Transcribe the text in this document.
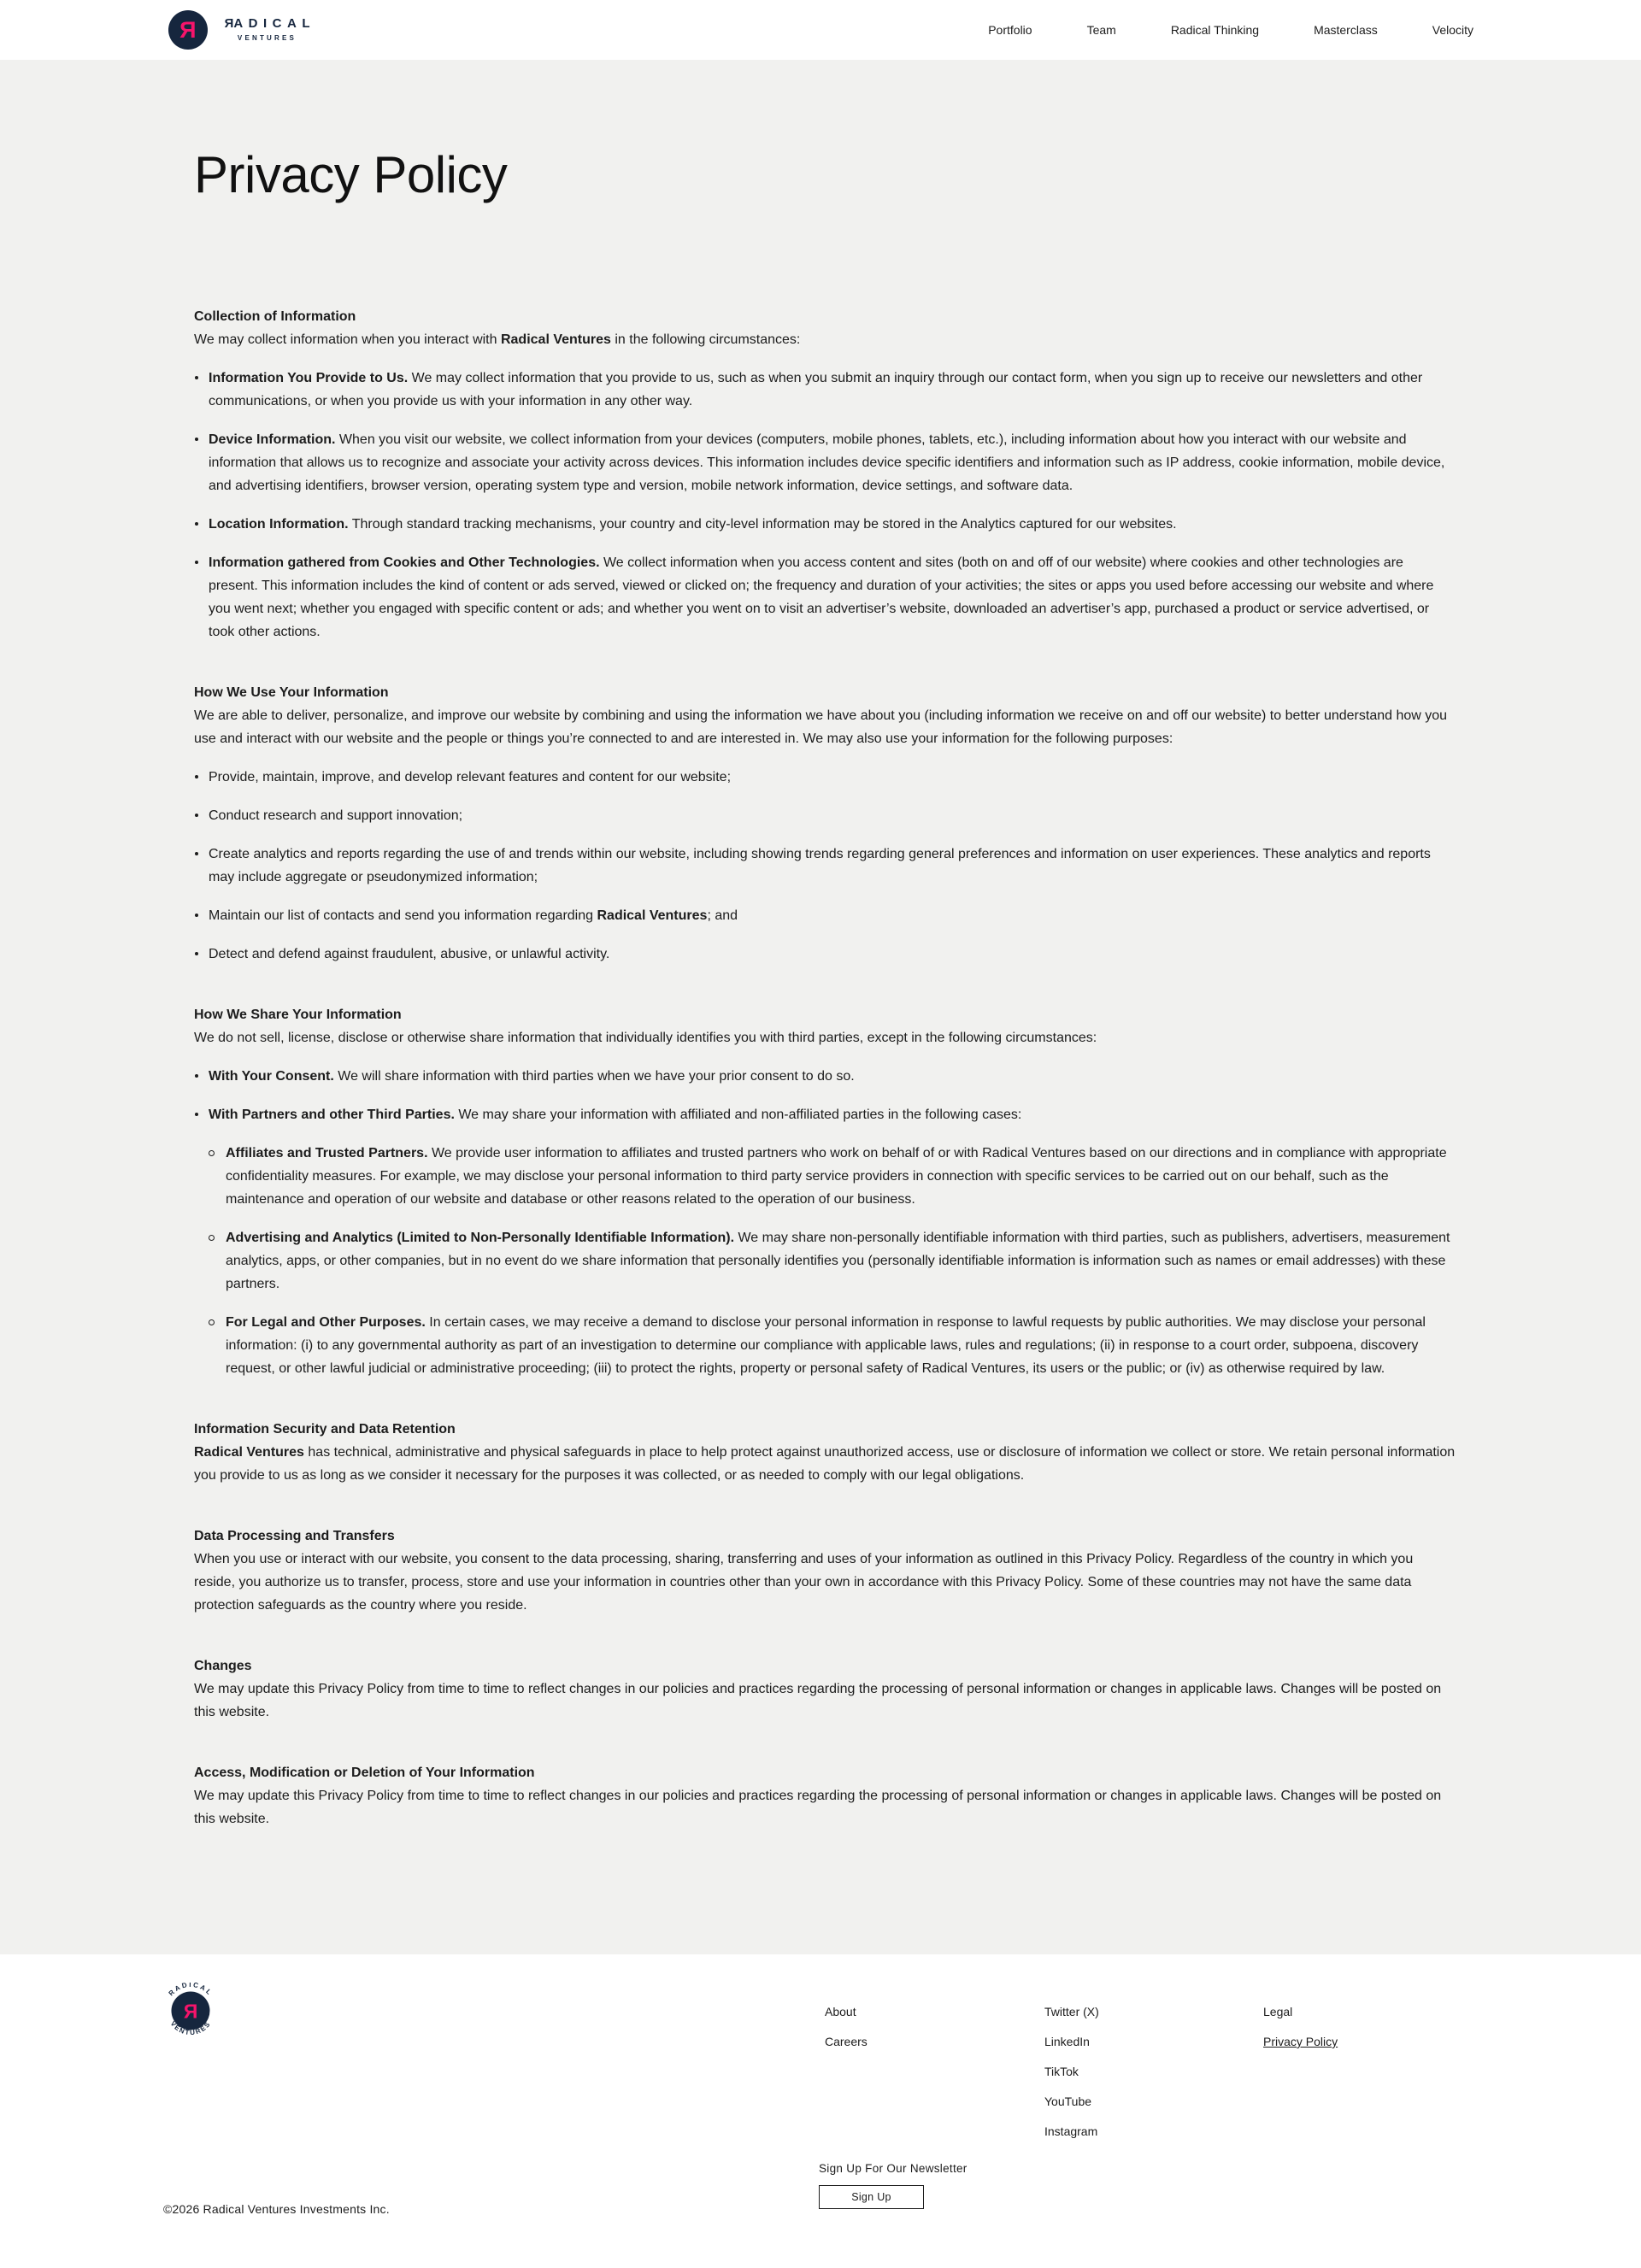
R RADICAL
VENTURES
Portfolio	Team	Radical Thinking	Masterclass	Velocity
Privacy Policy
Collection of Information

We may collect information when you interact with Radical Ventures in the following circumstances:

Information You Provide to Us. We may collect information that you provide to us, such as when you submit an inquiry through our contact form, when you sign up to receive our newsletters and other communications, or when you provide us with your information in any other way.

Device Information. When you visit our website, we collect information from your devices (computers, mobile phones, tablets, etc.), including information about how you interact with our website and information that allows us to recognize and associate your activity across devices. This information includes device specific identifiers and information such as IP address, cookie information, mobile device, and advertising identifiers, browser version, operating system type and version, mobile network information, device settings, and software data.

Location Information. Through standard tracking mechanisms, your country and city-level information may be stored in the Analytics captured for our websites.

Information gathered from Cookies and Other Technologies. We collect information when you access content and sites (both on and off of our website) where cookies and other technologies are present. This information includes the kind of content or ads served, viewed or clicked on; the frequency and duration of your activities; the sites or apps you used before accessing our website and where you went next; whether you engaged with specific content or ads; and whether you went on to visit an advertiser’s website, downloaded an advertiser’s app, purchased a product or service advertised, or took other actions.

How We Use Your Information

We are able to deliver, personalize, and improve our website by combining and using the information we have about you (including information we receive on and off our website) to better understand how you use and interact with our website and the people or things you’re connected to and are interested in. We may also use your information for the following purposes:

Provide, maintain, improve, and develop relevant features and content for our website;

Conduct research and support innovation;

Create analytics and reports regarding the use of and trends within our website, including showing trends regarding general preferences and information on user experiences. These analytics and reports may include aggregate or pseudonymized information;

Maintain our list of contacts and send you information regarding Radical Ventures; and

Detect and defend against fraudulent, abusive, or unlawful activity.

How We Share Your Information

We do not sell, license, disclose or otherwise share information that individually identifies you with third parties, except in the following circumstances:

With Your Consent. We will share information with third parties when we have your prior consent to do so.

With Partners and other Third Parties. We may share your information with affiliated and non-affiliated parties in the following cases:

Affiliates and Trusted Partners. We provide user information to affiliates and trusted partners who work on behalf of or with Radical Ventures based on our directions and in compliance with appropriate confidentiality measures. For example, we may disclose your personal information to third party service providers in connection with specific services to be carried out on our behalf, such as the maintenance and operation of our website and database or other reasons related to the operation of our business.

Advertising and Analytics (Limited to Non-Personally Identifiable Information). We may share non-personally identifiable information with third parties, such as publishers, advertisers, measurement analytics, apps, or other companies, but in no event do we share information that personally identifies you (personally identifiable information is information such as names or email addresses) with these partners.

For Legal and Other Purposes. In certain cases, we may receive a demand to disclose your personal information in response to lawful requests by public authorities. We may disclose your personal information: (i) to any governmental authority as part of an investigation to determine our compliance with applicable laws, rules and regulations; (ii) in response to a court order, subpoena, discovery request, or other lawful judicial or administrative proceeding; (iii) to protect the rights, property or personal safety of Radical Ventures, its users or the public; or (iv) as otherwise required by law.

Information Security and Data Retention

Radical Ventures has technical, administrative and physical safeguards in place to help protect against unauthorized access, use or disclosure of information we collect or store. We retain personal information you provide to us as long as we consider it necessary for the purposes it was collected, or as needed to comply with our legal obligations.

Data Processing and Transfers

When you use or interact with our website, you consent to the data processing, sharing, transferring and uses of your information as outlined in this Privacy Policy. Regardless of the country in which you reside, you authorize us to transfer, process, store and use your information in countries other than your own in accordance with this Privacy Policy. Some of these countries may not have the same data protection safeguards as the country where you reside.

Changes

We may update this Privacy Policy from time to time to reflect changes in our policies and practices regarding the processing of personal information or changes in applicable laws. Changes will be posted on this website.

Access, Modification or Deletion of Your Information

We may update this Privacy Policy from time to time to reflect changes in our policies and practices regarding the processing of personal information or changes in applicable laws. Changes will be posted on this website.

RADICAL
VENTURES
R	About
Careers
Twitter (X)
LinkedIn
TikTok
YouTube
Instagram
Legal
Privacy Policy
Sign Up For Our Newsletter
Sign Up
©2026 Radical Ventures Investments Inc.
